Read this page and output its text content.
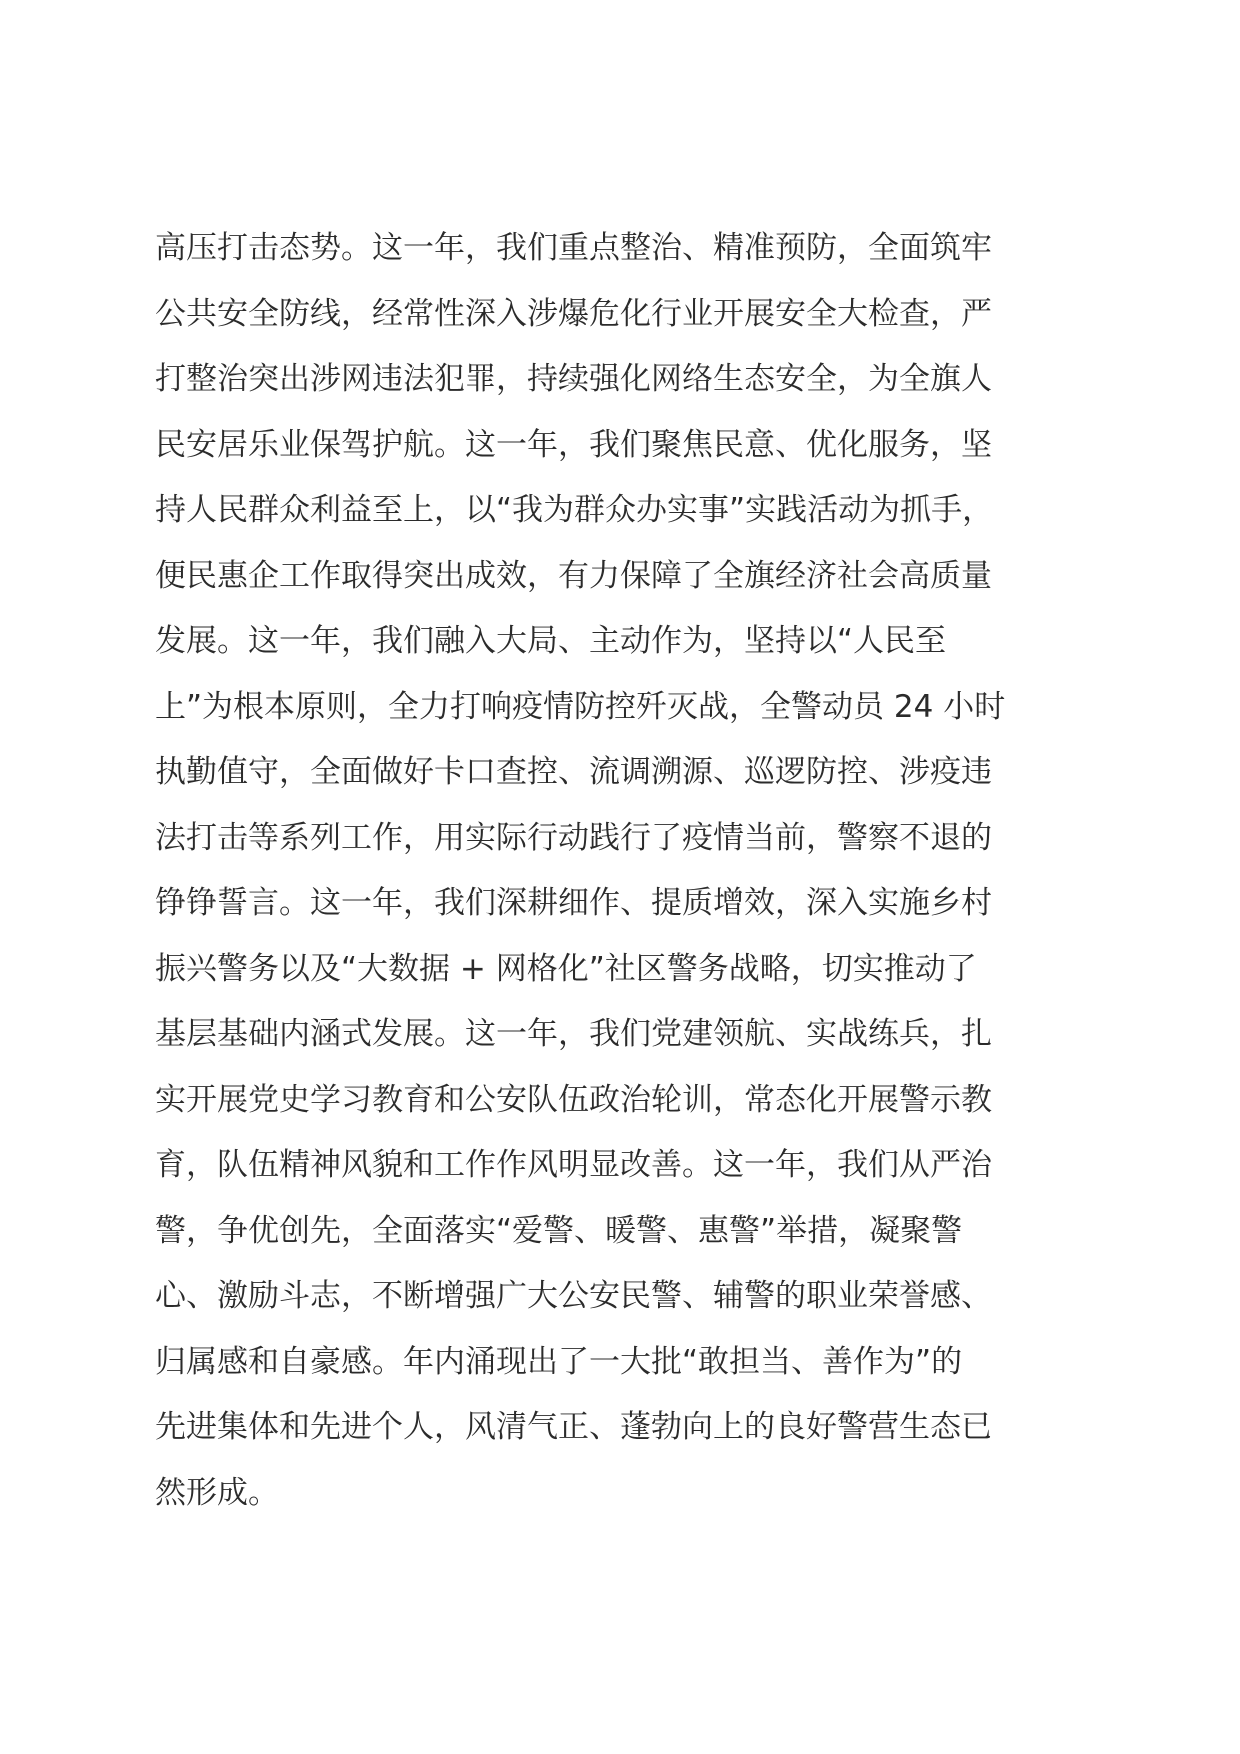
高压打击态势。这一年，我们重点整治、精准预防，全面筑牢
公共安全防线，经常性深入涉爆危化行业开展安全大检查，严
打整治突出涉网违法犯罪，持续强化网络生态安全，为全旗人
民安居乐业保驾护航。这一年，我们聚焦民意、优化服务，坚
持人民群众利益至上，以“我为群众办实事”实践活动为抓手，
便民惠企工作取得突出成效，有力保障了全旗经济社会高质量
发展。这一年，我们融入大局、主动作为，坚持以“人民至
上”为根本原则，全力打响疫情防控歼灭战，全警动员 24 小时
执勤值守，全面做好卡口查控、流调溯源、巡逻防控、涉疫违
法打击等系列工作，用实际行动践行了疫情当前，警察不退的
铮铮誓言。这一年，我们深耕细作、提质增效，深入实施乡村
振兴警务以及“大数据 + 网格化”社区警务战略，切实推动了
基层基础内涵式发展。这一年，我们党建领航、实战练兵，扎
实开展党史学习教育和公安队伍政治轮训，常态化开展警示教
育，队伍精神风貌和工作作风明显改善。这一年，我们从严治
警，争优创先，全面落实“爱警、暖警、惠警”举措，凝聚警
心、激励斗志，不断增强广大公安民警、辅警的职业荣誉感、
归属感和自豪感。年内涌现出了一大批“敢担当、善作为”的
先进集体和先进个人，风清气正、蓬勃向上的良好警营生态已
然形成。
